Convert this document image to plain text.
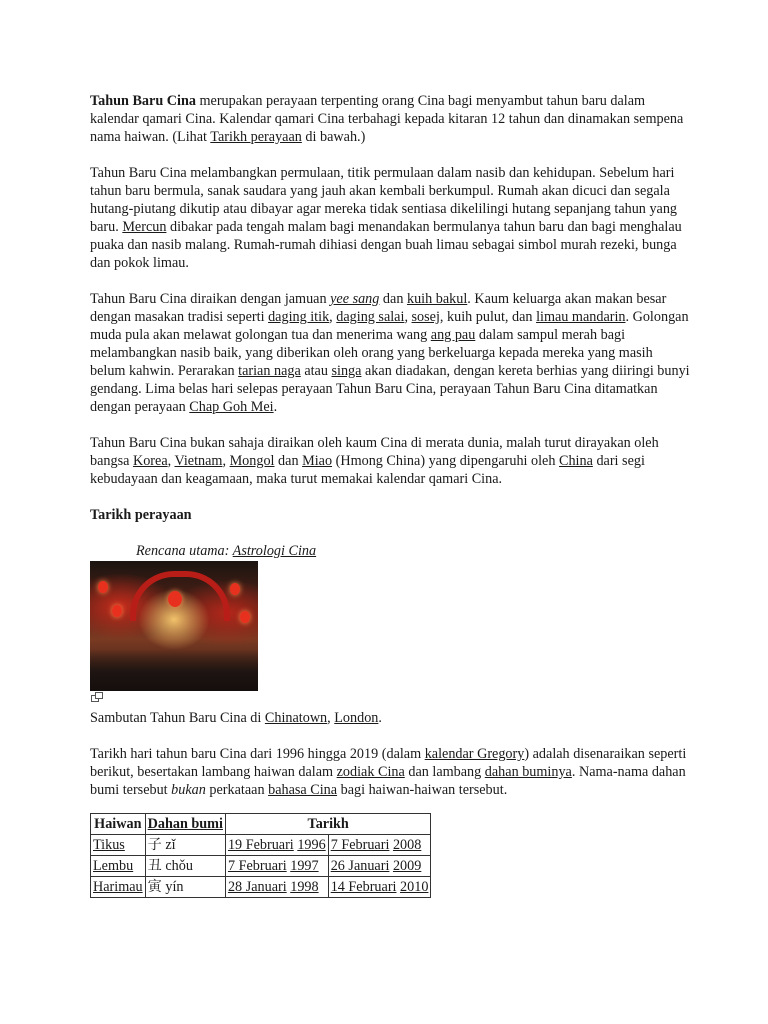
Tahun Baru Cina merupakan perayaan terpenting orang Cina bagi menyambut tahun baru dalam kalendar qamari Cina. Kalendar qamari Cina terbahagi kepada kitaran 12 tahun dan dinamakan sempena nama haiwan. (Lihat Tarikh perayaan di bawah.)

Tahun Baru Cina melambangkan permulaan, titik permulaan dalam nasib dan kehidupan. Sebelum hari tahun baru bermula, sanak saudara yang jauh akan kembali berkumpul. Rumah akan dicuci dan segala hutang-piutang dikutip atau dibayar agar mereka tidak sentiasa dikelilingi hutang sepanjang tahun yang baru. Mercun dibakar pada tengah malam bagi menandakan bermulanya tahun baru dan bagi menghalau puaka dan nasib malang. Rumah-rumah dihiasi dengan buah limau sebagai simbol murah rezeki, bunga dan pokok limau.

Tahun Baru Cina diraikan dengan jamuan yee sang dan kuih bakul. Kaum keluarga akan makan besar dengan masakan tradisi seperti daging itik, daging salai, sosej, kuih pulut, dan limau mandarin. Golongan muda pula akan melawat golongan tua dan menerima wang ang pau dalam sampul merah bagi melambangkan nasib baik, yang diberikan oleh orang yang berkeluarga kepada mereka yang masih belum kahwin. Perarakan tarian naga atau singa akan diadakan, dengan kereta berhias yang diiringi bunyi gendang. Lima belas hari selepas perayaan Tahun Baru Cina, perayaan Tahun Baru Cina ditamatkan dengan perayaan Chap Goh Mei.

Tahun Baru Cina bukan sahaja diraikan oleh kaum Cina di merata dunia, malah turut dirayakan oleh bangsa Korea, Vietnam, Mongol dan Miao (Hmong China) yang dipengaruhi oleh China dari segi kebudayaan dan keagamaan, maka turut memakai kalendar qamari Cina.

Tarikh perayaan
Rencana utama: Astrologi Cina

Sambutan Tahun Baru Cina di Chinatown, London.

Tarikh hari tahun baru Cina dari 1996 hingga 2019 (dalam kalendar Gregory) adalah disenaraikan seperti berikut, besertakan lambang haiwan dalam zodiak Cina dan lambang dahan buminya. Nama-nama dahan bumi tersebut bukan perkataan bahasa Cina bagi haiwan-haiwan tersebut.

Haiwan	Dahan bumi	Tarikh	
Tikus	子 zǐ	19 Februari 1996	7 Februari 2008
Lembu	丑 chǒu	7 Februari 1997	26 Januari 2009
Harimau	寅 yín	28 Januari 1998	14 Februari 2010
